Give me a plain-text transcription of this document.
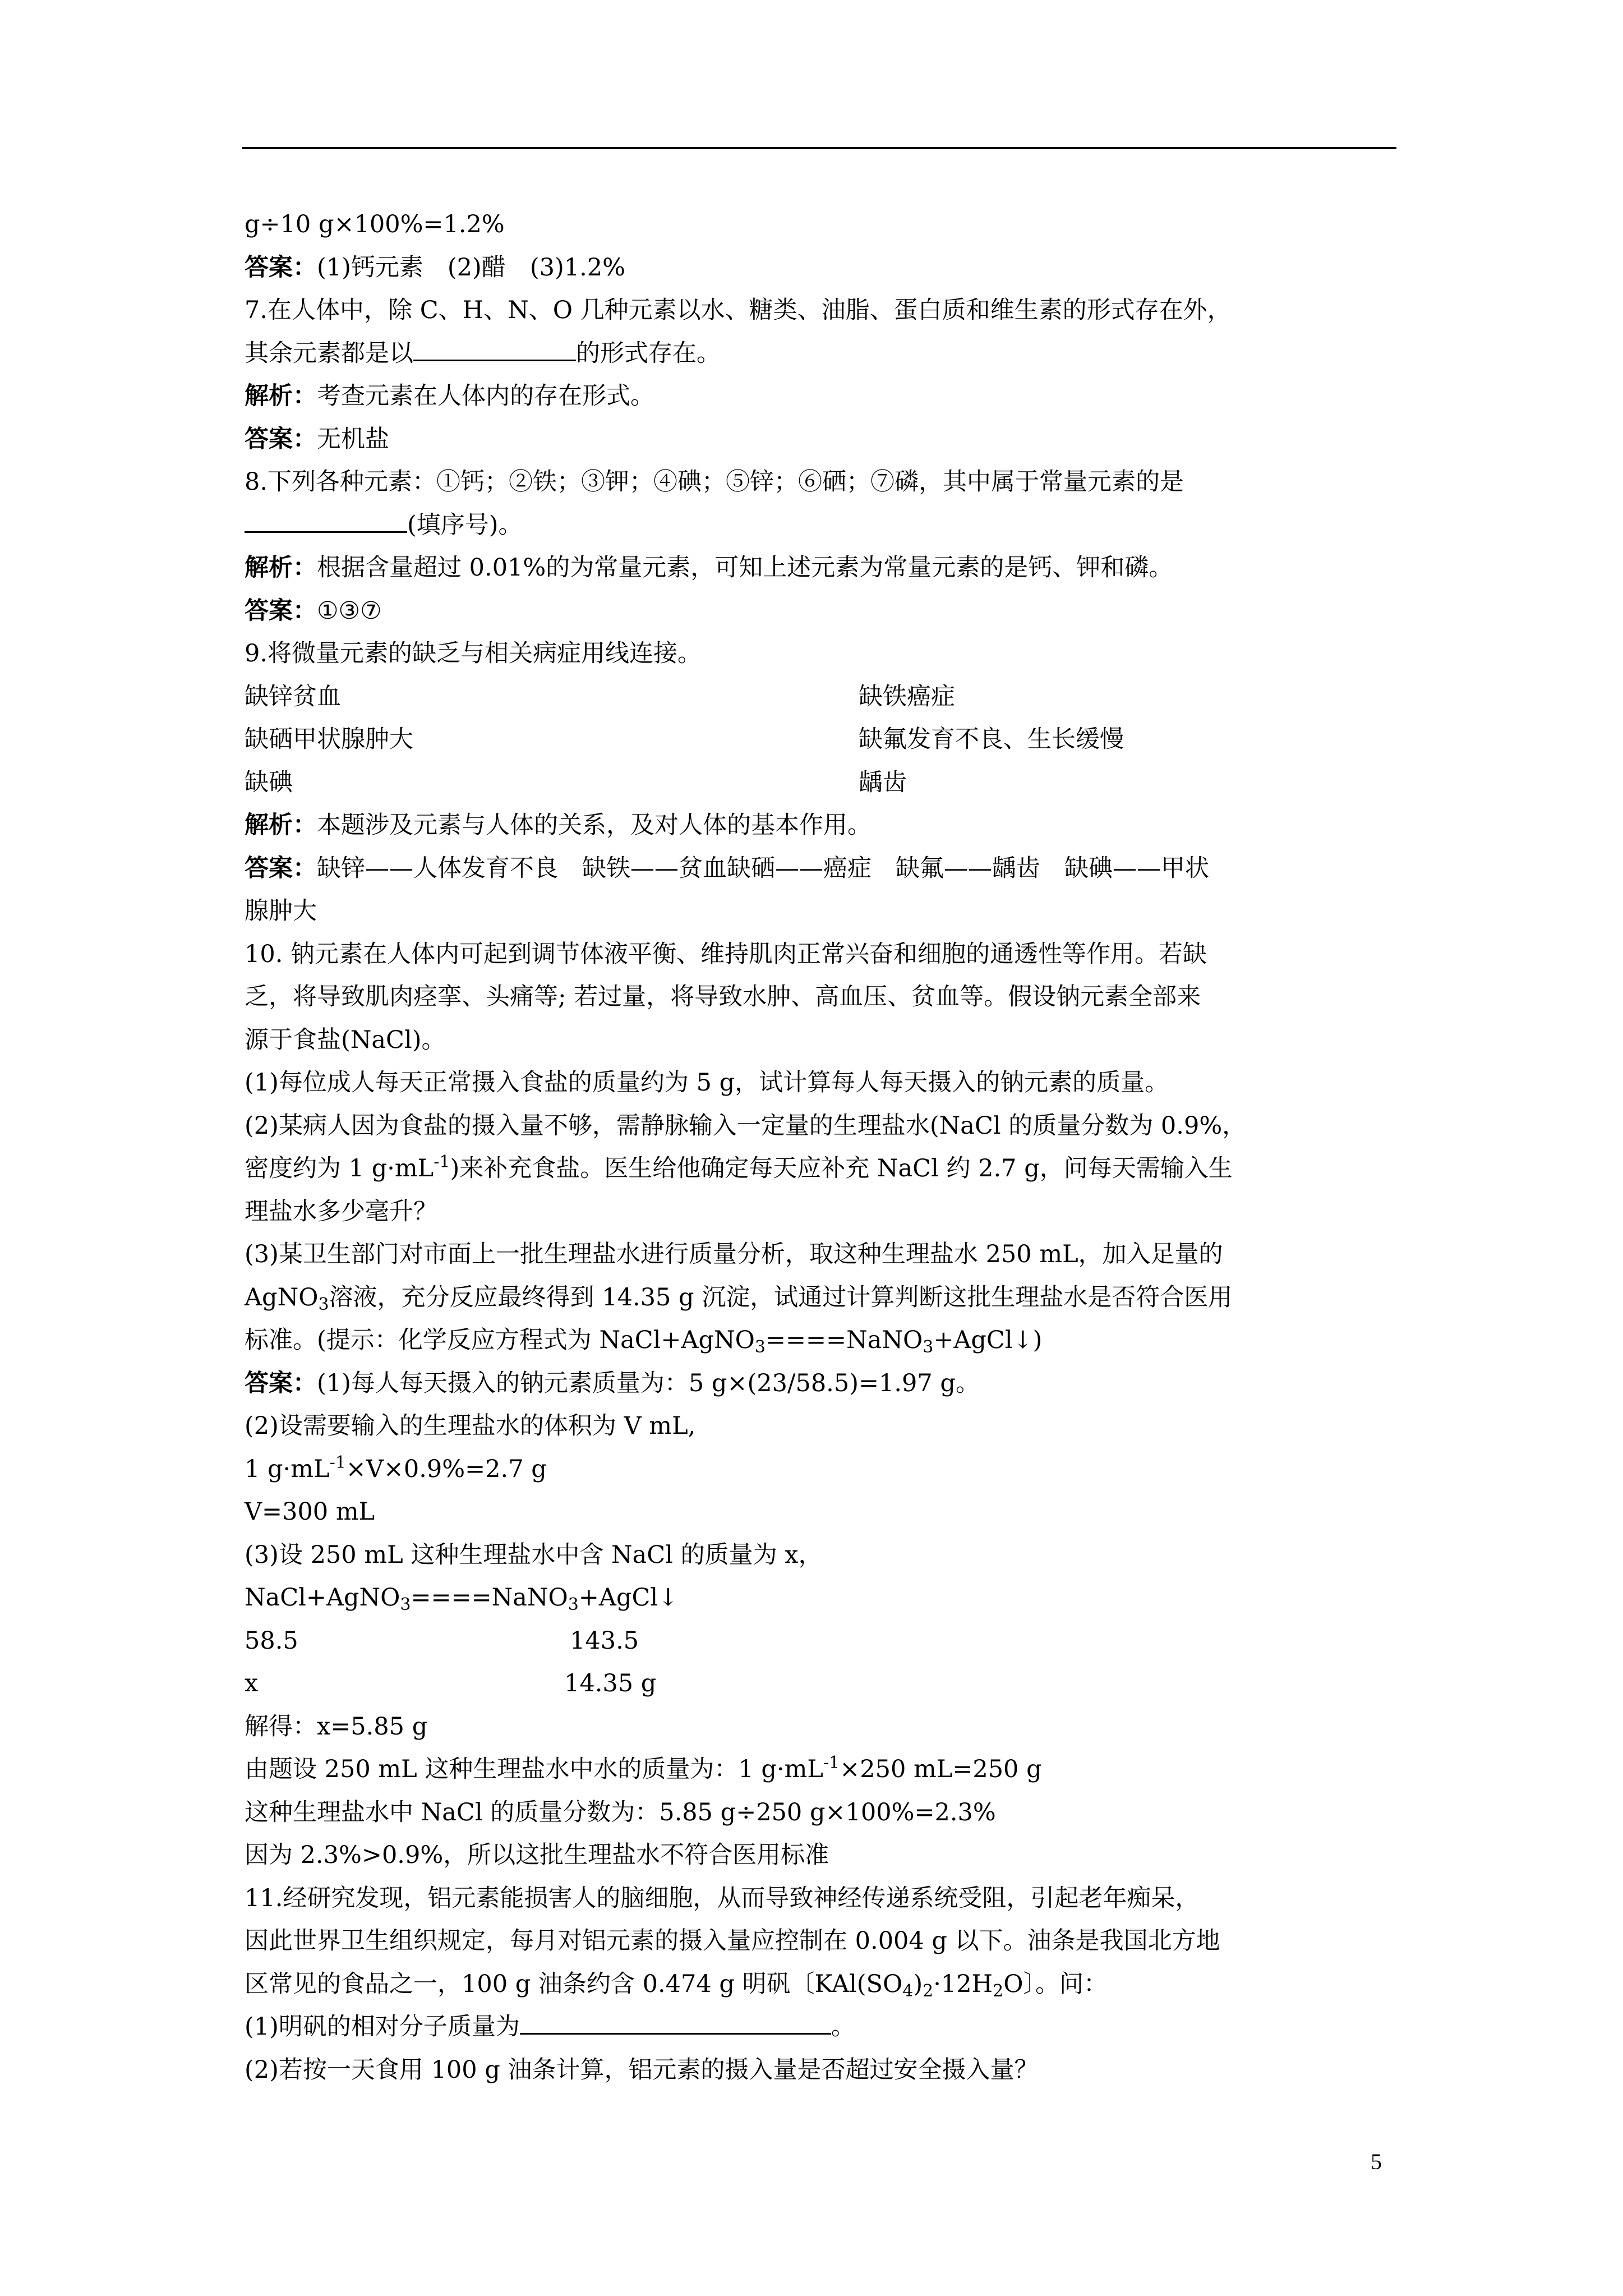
g÷10 g×100%=1.2%
答案：(1)钙元素　(2)醋　(3)1.2%
7.在人体中，除 C、H、N、O 几种元素以水、糖类、油脂、蛋白质和维生素的形式存在外，
其余元素都是以	的形式存在。
解析：考查元素在人体内的存在形式。
答案：无机盐
8.下列各种元素：①钙；②铁；③钾；④碘；⑤锌；⑥硒；⑦磷，其中属于常量元素的是
(填序号)。
解析：根据含量超过 0.01%的为常量元素，可知上述元素为常量元素的是钙、钾和磷。
答案：①③⑦
9.将微量元素的缺乏与相关病症用线连接。
缺锌贫血	缺铁癌症
缺硒甲状腺肿大	缺氟发育不良、生长缓慢
缺碘	龋齿
解析：本题涉及元素与人体的关系，及对人体的基本作用。
答案：缺锌——人体发育不良　缺铁——贫血缺硒——癌症　缺氟——龋齿　缺碘——甲状
腺肿大
10. 钠元素在人体内可起到调节体液平衡、维持肌肉正常兴奋和细胞的通透性等作用。若缺
乏，将导致肌肉痉挛、头痛等; 若过量，将导致水肿、高血压、贫血等。假设钠元素全部来
源于食盐(NaCl)。
(1)每位成人每天正常摄入食盐的质量约为 5 g，试计算每人每天摄入的钠元素的质量。
(2)某病人因为食盐的摄入量不够，需静脉输入一定量的生理盐水(NaCl 的质量分数为 0.9%，
密度约为 1 $g\cdot mL^{-1}$)来补充食盐。医生给他确定每天应补充 NaCl 约 2.7 g，问每天需输入生
理盐水多少毫升？
(3)某卫生部门对市面上一批生理盐水进行质量分析，取这种生理盐水 250 mL，加入足量的
AgNO$_3$溶液，充分反应最终得到 14.35 g 沉淀，试通过计算判断这批生理盐水是否符合医用
标准。(提示：化学反应方程式为 NaCl+AgNO$_3$====NaNO$_3$+AgCl↓)
答案：(1)每人每天摄入的钠元素质量为：5 g×(23/58.5)=1.97 g。
(2)设需要输入的生理盐水的体积为 V mL,
1 $g\cdot mL^{-1}\times V\times 0.9\%=2.7$ g
V=300 mL
(3)设 250 mL 这种生理盐水中含 NaCl 的质量为 x，
NaCl+AgNO$_3$====NaNO$_3$+AgCl↓
58.5	143.5
x	14.35 g
解得：x=5.85 g
由题设 250 mL 这种生理盐水中水的质量为：1 $g\cdot mL^{-1}\times 250$ mL=250 g
这种生理盐水中 NaCl 的质量分数为：5.85 g÷250 g×100%=2.3%
因为 2.3%>0.9%，所以这批生理盐水不符合医用标准
11.经研究发现，铝元素能损害人的脑细胞，从而导致神经传递系统受阻，引起老年痴呆，
因此世界卫生组织规定，每月对铝元素的摄入量应控制在 0.004 g 以下。油条是我国北方地
区常见的食品之一，100 g 油条约含 0.474 g 明矾〔$KAl(SO_4)_2\cdot 12H_2O$〕。问：
(1)明矾的相对分子质量为	。
(2)若按一天食用 100 g 油条计算，铝元素的摄入量是否超过安全摄入量？
5
